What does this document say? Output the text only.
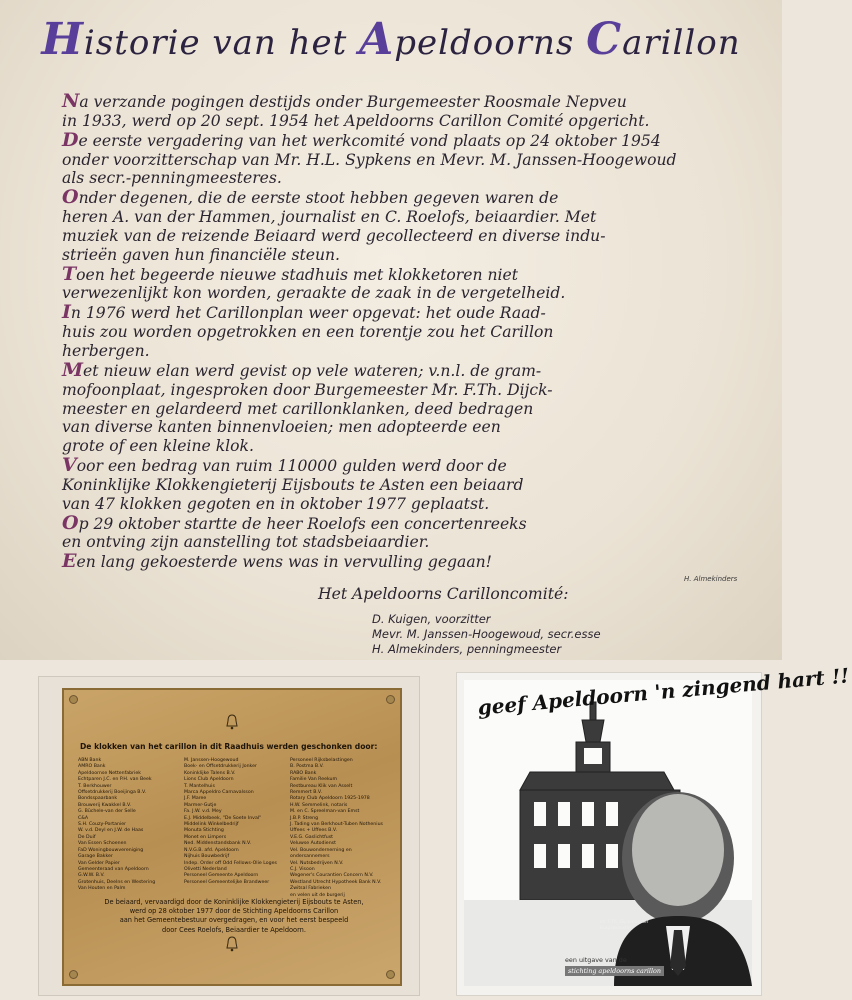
Historie van het Apeldoorns Carillon

Na verzande pogingen destijds onder Burgemeester Roosmale Nepveu

in 1933, werd op 20 sept. 1954 het Apeldoorns Carillon Comité opgericht.

De eerste vergadering van het werkcomité vond plaats op 24 oktober 1954

onder voorzitterschap van Mr. H.L. Sypkens en Mevr. M. Janssen-Hoogewoud

als secr.-penningmeesteres.

Onder degenen, die de eerste stoot hebben gegeven waren de

heren A. van der Hammen, journalist en C. Roelofs, beiaardier. Met

muziek van de reizende Beiaard werd gecollecteerd en diverse indu-

strieën gaven hun financiële steun.

Toen het begeerde nieuwe stadhuis met klokketoren niet

verwezenlijkt kon worden, geraakte de zaak in de vergetelheid.

In 1976 werd het Carillonplan weer opgevat: het oude Raad-

huis zou worden opgetrokken en een torentje zou het Carillon

herbergen.

Met nieuw elan werd gevist op vele wateren; v.n.l. de gram-

mofoonplaat, ingesproken door Burgemeester Mr. F.Th. Dijck-

meester en gelardeerd met carillonklanken, deed bedragen

van diverse kanten binnenvloeien; men adopteerde een

grote of een kleine klok.

Voor een bedrag van ruim 110000 gulden werd door de

Koninklijke Klokkengieterij Eijsbouts te Asten een beiaard

van 47 klokken gegoten en in oktober 1977 geplaatst.

Op 29 oktober startte de heer Roelofs een concertenreeks

en ontving zijn aanstelling tot stadsbeiaardier.

Een lang gekoesterde wens was in vervulling gegaan!

H. Almekinders
Het Apeldoorns Carilloncomité:
D. Kuigen, voorzitter
Mevr. M. Janssen-Hoogewoud, secr.esse
H. Almekinders, penningmeester
De klokken van het carillon in dit Raadhuis werden geschonken door:
ABN Bank
AMRO Bank
Apeldoornse Nettenfabriek
Echtparen J.C. en P.H. van Beek
T. Berkhouwer
Offsetdrukkerij Boeijinga B.V.
Bondsspaarbank
Brouwerij Kwakkel B.V.
G. Büchele-van der Selle
C&A
S.H. Couzy-Portanier
W. v.d. Deyl en J.W. de Haas
De Duif
Van Essen Schoenen
FaD Woningbouwvereniging
Garage Bakker
Van Gelder Papier
Gemeenteraad van Apeldoorn
G.W.W. B.V.
Grotenhuis, Deelns en Westering
Van Houten en Palm
M. Janssen-Hoogewoud
Boek- en Offsetdrukkerij Jonker
Koninklijke Talens B.V.
Lions Club Apeldoorn
T. Mantelhuis
Marca Appeldro Carnavalsson
J.F. Maree
Marmer-Gutje
Fa. J.W. v.d. Mey
E.J. Middelbeek, "De Soete Inval"
Middelink Winkelbedrijf
Monuta Stichting
Monet en Limpers
Ned. Middenstandsbank N.V.
N.V.G.B. afd. Apeldoorn
Nijhuis Bouwbedrijf
Indep. Order off Odd Fellows-Olie Loges
Olivetti Nederland
Personeel Gemeente Apeldoorn
Personeel Gemeentelijke Brandweer
Personeel Rijksbelastingen
B. Postma B.V.
RABO Bank
Familie Van Reekum
Restbureau Klik van Asselt
Remmert B.V.
Rotary Club Apeldoorn 1925-1978
H.W. Semmelink, notaris
M. en C. Spreelman-van Emst
J.B.P. Streng
J. Tading van Berkhout-Tuben Nothenius
Uffees + Uffees B.V.
V.E.G. Gaslichtfust
Veluwse Autodienst
Vel. Bouwondernerning en ondersannemers
Vel. Nutsbedrijven N.V.
C.J. Visoon
Wegener's Courantien Concern N.V.
Westland Utrecht Hypotheek Bank N.V.
Zwitsal Fabrieken
en velen uit de burgerij
De beiaard, vervaardigd door de Koninklijke Klokkengieterij Eijsbouts te Asten,
werd op 28 oktober 1977 door de Stichting Apeldoorns Carillon
aan het Gemeentebestuur overgedragen, en voor het eerst bespeeld
door Cees Roelofs, Beiaardier te Apeldoorn.
geef Apeldoorn 'n zingend hart !!
Mr. F.Th. Dijckmeester
Burgemeester
een uitgave van de
stichting apeldoorns carillon
